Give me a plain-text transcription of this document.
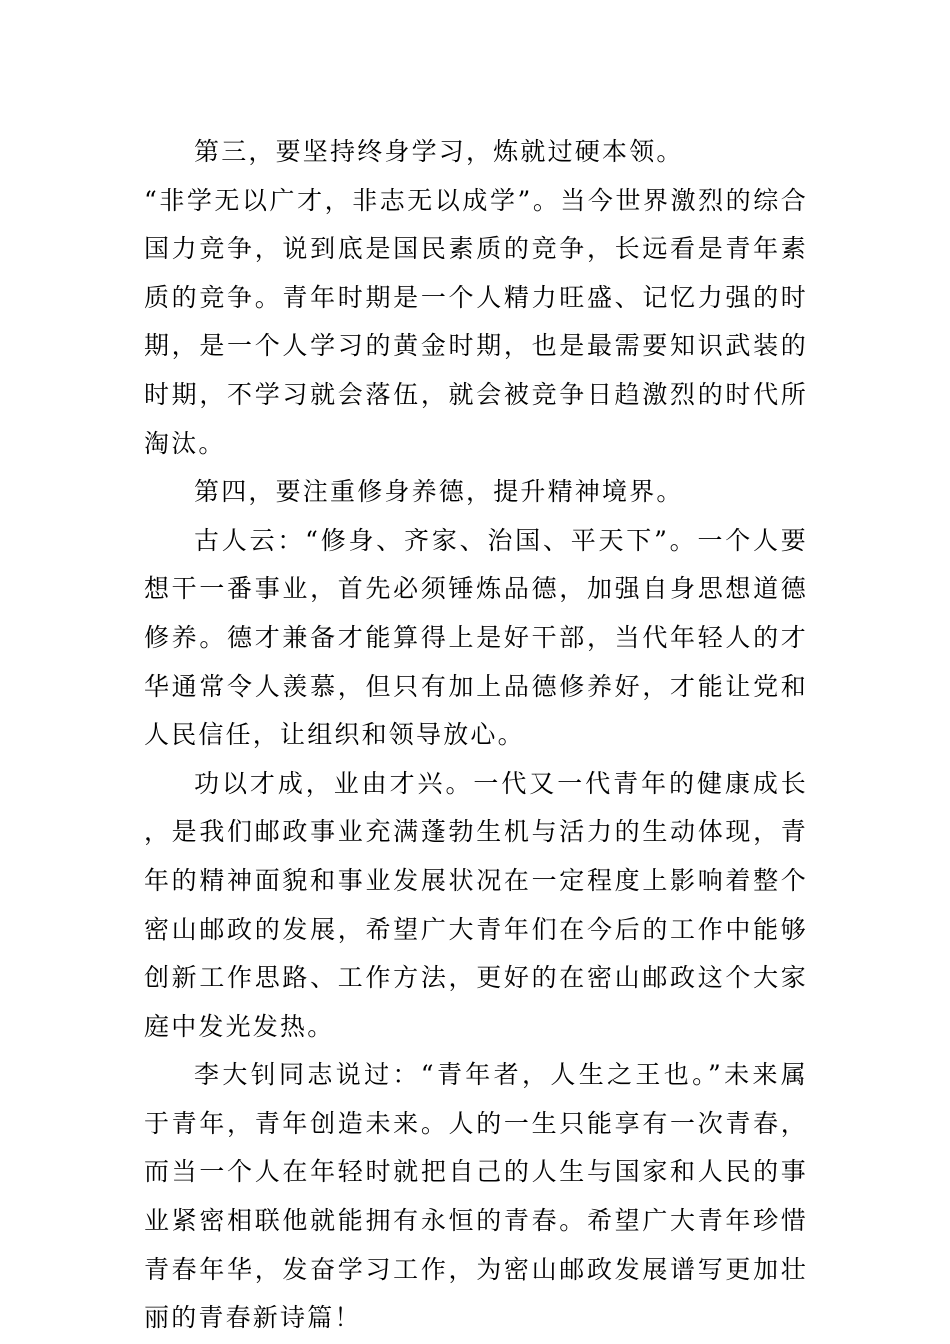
第三，要坚持终身学习，炼就过硬本领。

“非学无以广才，非志无以成学”。当今世界激烈的综合国力竞争，说到底是国民素质的竞争，长远看是青年素质的竞争。青年时期是一个人精力旺盛、记忆力强的时期，是一个人学习的黄金时期，也是最需要知识武装的时期，不学习就会落伍，就会被竞争日趋激烈的时代所淘汰。

第四，要注重修身养德，提升精神境界。

古人云：“修身、齐家、治国、平天下”。一个人要想干一番事业，首先必须锤炼品德，加强自身思想道德修养。德才兼备才能算得上是好干部，当代年轻人的才华通常令人羡慕，但只有加上品德修养好，才能让党和人民信任，让组织和领导放心。

功以才成，业由才兴。一代又一代青年的健康成长，是我们邮政事业充满蓬勃生机与活力的生动体现，青年的精神面貌和事业发展状况在一定程度上影响着整个密山邮政的发展，希望广大青年们在今后的工作中能够创新工作思路、工作方法，更好的在密山邮政这个大家庭中发光发热。

李大钊同志说过：“青年者，人生之王也。”未来属于青年，青年创造未来。人的一生只能享有一次青春，而当一个人在年轻时就把自己的人生与国家和人民的事业紧密相联他就能拥有永恒的青春。希望广大青年珍惜青春年华，发奋学习工作，为密山邮政发展谱写更加壮丽的青春新诗篇！
